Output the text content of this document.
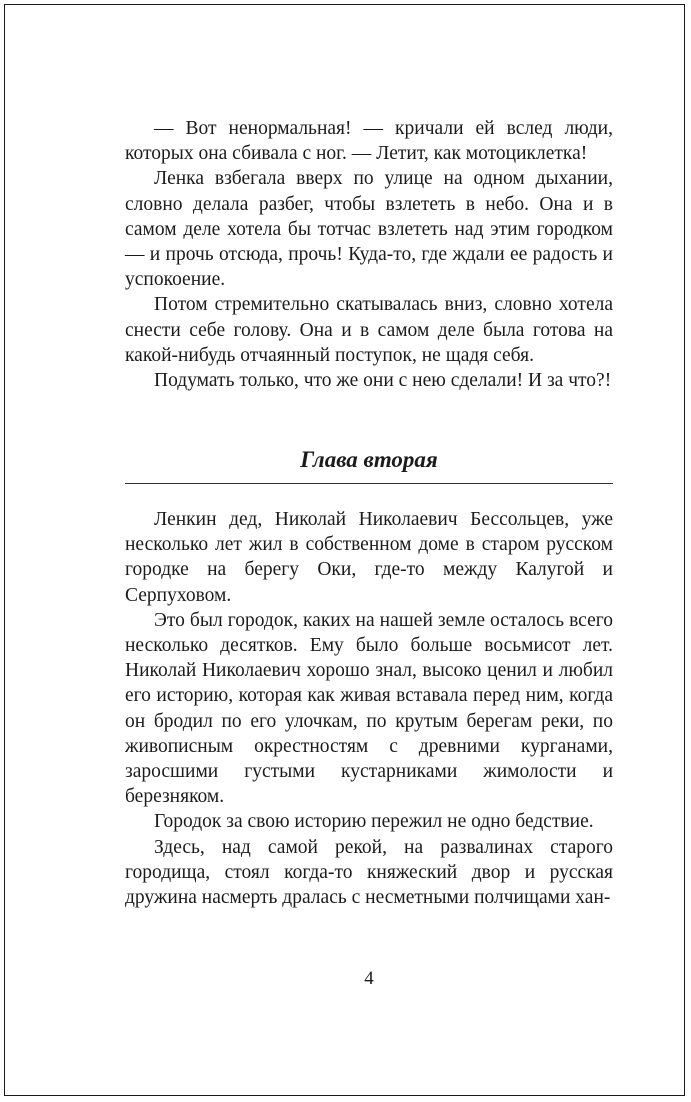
— Вот ненормальная! — кричали ей вслед люди, которых она сбивала с ног. — Летит, как мотоциклетка!

Ленка взбегала вверх по улице на одном дыхании, словно делала разбег, чтобы взлететь в небо. Она и в самом деле хотела бы тотчас взлететь над этим городком — и прочь отсюда, прочь! Куда-то, где ждали ее радость и успокоение.

Потом стремительно скатывалась вниз, словно хотела снести себе голову. Она и в самом деле была готова на какой-нибудь отчаянный поступок, не щадя себя.

Подумать только, что же они с нею сделали! И за что?!

Глава вторая

Ленкин дед, Николай Николаевич Бессольцев, уже несколько лет жил в собственном доме в старом русском городке на берегу Оки, где-то между Калугой и Серпуховом.

Это был городок, каких на нашей земле осталось всего несколько десятков. Ему было больше восьмисот лет. Николай Николаевич хорошо знал, высоко ценил и любил его историю, которая как живая вставала перед ним, когда он бродил по его улочкам, по крутым берегам реки, по живописным окрестностям с древними курганами, заросшими густыми кустарниками жимолости и березняком.

Городок за свою историю пережил не одно бедствие.

Здесь, над самой рекой, на развалинах старого городища, стоял когда-то княжеский двор и русская дружина насмерть дралась с несметными полчищами хан-

4
